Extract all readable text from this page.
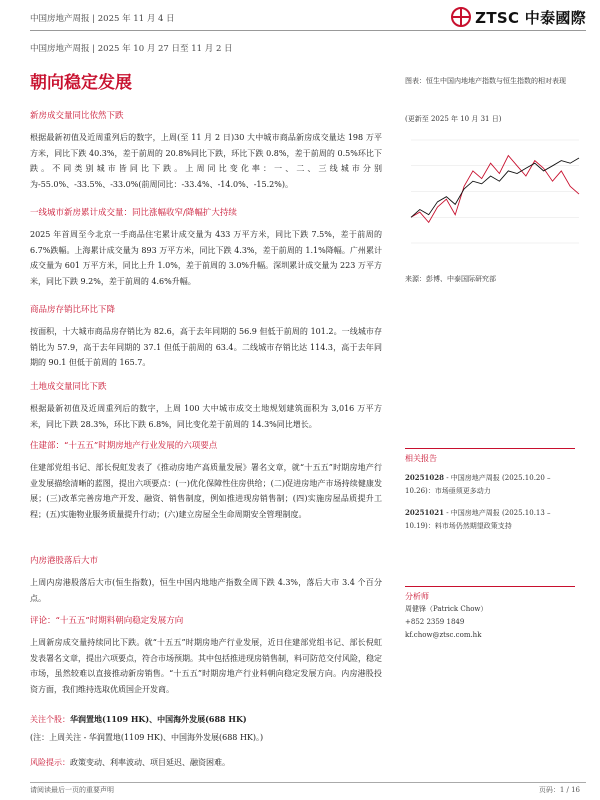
中国房地产周报 | 2025 年 11 月 4 日	ZTSC 中泰國際
中国房地产周报 | 2025 年 10 月 27 日至 11 月 2 日
朝向稳定发展
新房成交量同比依然下跌
根据最新初值及近周重列后的数字，上周(至 11 月 2 日)30 大中城市商品新房成交量达 198 万平方米，同比下跌 40.3%，差于前周的 20.8%同比下跌，环比下跌 0.8%，差于前周的 0.5%环比下跌。不同类别城市皆同比下跌。上周同比变化率：一、二、三线城市分别为-55.0%、-33.5%、-33.0%(前周同比：-33.4%、-14.0%、-15.2%)。
一线城市新房累计成交量：同比涨幅收窄/降幅扩大持续
2025 年首周至今北京一手商品住宅累计成交量为 433 万平方米，同比下跌 7.5%，差于前周的 6.7%跌幅。上海累计成交量为 893 万平方米，同比下跌 4.3%，差于前周的 1.1%降幅。广州累计成交量为 601 万平方米，同比上升 1.0%，差于前周的 3.0%升幅。深圳累计成交量为 223 万平方米，同比下跌 9.2%，差于前周的 4.6%升幅。
商品房存销比环比下降
按面积，十大城市商品房存销比为 82.6，高于去年同期的 56.9 但低于前周的 101.2。一线城市存销比为 57.9，高于去年同期的 37.1 但低于前周的 63.4。二线城市存销比达 114.3，高于去年同期的 90.1 但低于前周的 165.7。
土地成交量同比下跌
根据最新初值及近周重列后的数字，上周 100 大中城市成交土地规划建筑面积为 3,016 万平方米，同比下跌 28.3%，环比下跌 6.8%，同比变化差于前周的 14.3%同比增长。
住建部：“十五五”时期房地产行业发展的六项要点
住建部党组书记、部长倪虹发表了《推动房地产高质量发展》署名文章，就“十五五”时期房地产行业发展描绘清晰的蓝图，提出六项要点：(一)优化保障性住房供给；(二)促进房地产市场持续健康发展；(三)改革完善房地产开发、融资、销售制度，例如推进现房销售制；(四)实施房屋品质提升工程；(五)实施物业服务质量提升行动；(六)建立房屋全生命周期安全管理制度。
内房港股落后大市
上周内房港股落后大市(恒生指数)，恒生中国内地地产指数全周下跌 4.3%，落后大市 3.4 个百分点。
评论：“十五五”时期料朝向稳定发展方向
上周新房成交量持续同比下跌。就“十五五”时期房地产行业发展，近日住建部党组书记、部长倪虹发表署名文章，提出六项要点，符合市场预期。其中包括推进现房销售制，料可防范交付风险，稳定市场，虽然较难以直接推动新房销售。“十五五”时期房地产行业料朝向稳定发展方向。内房港股投资方面，我们维持选取优质国企开发商。
关注个股：华润置地(1109 HK)、中国海外发展(688 HK)
(注：上周关注 - 华润置地(1109 HK)、中国海外发展(688 HK)。)
风险提示：政策变动、利率波动、项目延迟、融资困难。
图表：恒生中国内地地产指数与恒生指数的相对表现
(更新至 2025 年 10 月 31 日)
来源：彭博、中泰国际研究部
相关报告
20251028 - 中国房地产周报 (2025.10.20 – 10.26)：市场亟须更多动力
20251021 - 中国房地产周报 (2025.10.13 – 10.19)：料市场仍然期望政策支持
分析师
周健锋（Patrick Chow）
+852 2359 1849
kf.chow@ztsc.com.hk
请阅读最后一页的重要声明	页码：1 / 16
